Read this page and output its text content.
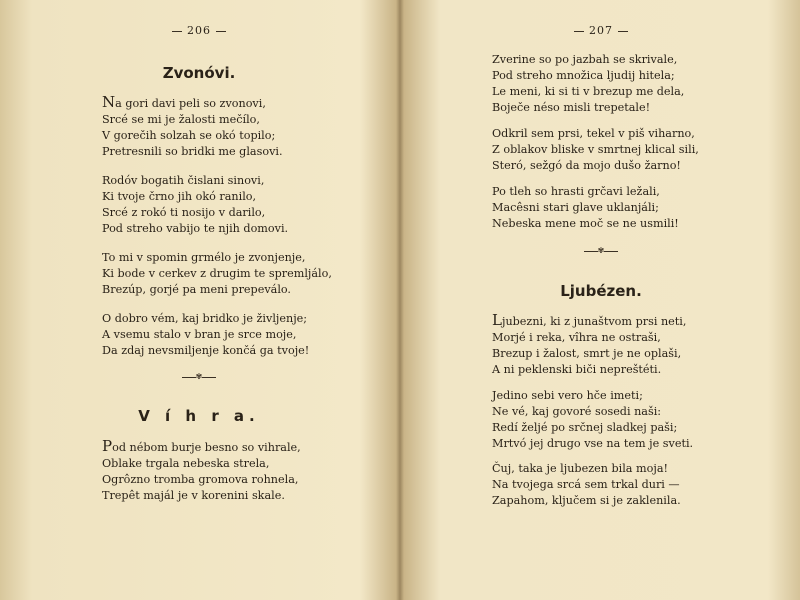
206
Zvonóvi.
Na gori davi peli so zvonovi,
Srcé se mi je žalosti mečílo,
V gorečih solzah se okó topilo;
Pretresnili so bridki me glasovi.
Rodóv bogatih čislani sinovi,
Ki tvoje črno jih okó ranilo,
Srcé z rokó ti nosijo v darilo,
Pod streho vabijo te njih domovi.
To mi v spomin grmélo je zvonjenje,
Ki bode v cerkev z drugim te spremljálo,
Brezúp, gorjé pa meni prepeválo.
O dobro vém, kaj bridko je življenje;
A vsemu stalo v bran je srce moje,
Da zdaj nevsmiljenje končá ga tvoje!
✾
V í h r a.
Pod nébom burje besno so vihrale,
Oblake trgala nebeska strela,
Ogrôzno tromba gromova rohnela,
Trepêt majál je v korenini skale.
207
Zverine so po jazbah se skrivale,
Pod streho množica ljudij hitela;
Le meni, ki si ti v brezup me dela,
Boječe néso misli trepetale!
Odkril sem prsi, tekel v piš viharno,
Z oblakov bliske v smrtnej klical sili,
Steró, sežgó da mojo dušo žarno!
Po tleh so hrasti grčavi ležali,
Macêsni stari glave uklanjáli;
Nebeska mene moč se ne usmili!
✾
Ljubézen.
Ljubezni, ki z junaštvom prsi neti,
Morjé i reka, vîhra ne ostraši,
Brezup i žalost, smrt je ne oplaši,
A ni peklenski biči nepreštéti.
Jedino sebi vero hče imeti;
Ne vé, kaj govoré sosedi naši:
Redí željé po srčnej sladkej paši;
Mrtvó jej drugo vse na tem je sveti.
Čuj, taka je ljubezen bila moja!
Na tvojega srcá sem trkal duri —
Zapahom, ključem si je zaklenila.
